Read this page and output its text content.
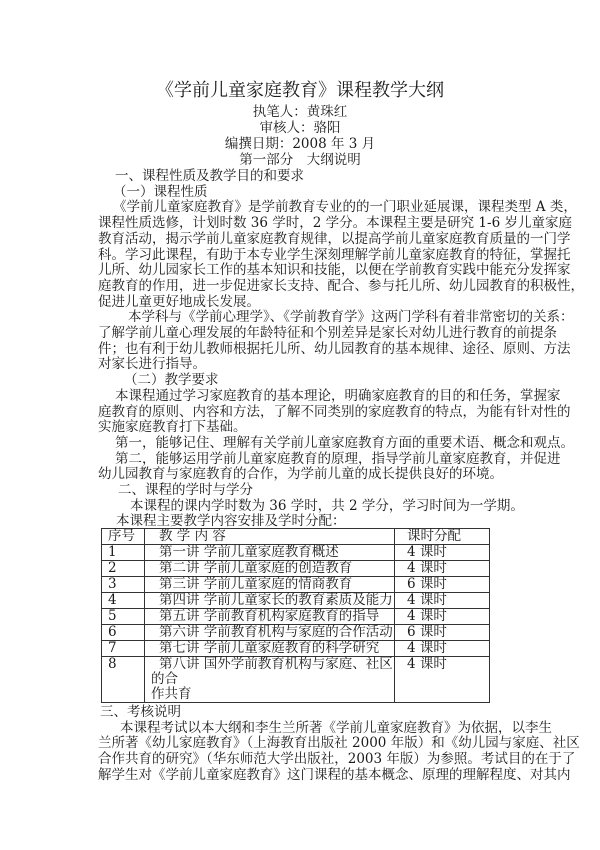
《学前儿童家庭教育》课程教学大纲
执笔人：黄珠红
审核人：骆阳
编撰日期：2008 年 3 月
第一部分　大纲说明
一、课程性质及教学目的和要求
（一）课程性质
《学前儿童家庭教育》是学前教育专业的的一门职业延展课，课程类型 A 类，
课程性质选修，计划时数 36 学时，2 学分。本课程主要是研究 1-6 岁儿童家庭
教育活动，揭示学前儿童家庭教育规律，以提高学前儿童家庭教育质量的一门学
科。学习此课程，有助于本专业学生深刻理解学前儿童家庭教育的特征，掌握托
儿所、幼儿园家长工作的基本知识和技能，以便在学前教育实践中能充分发挥家
庭教育的作用，进一步促进家长支持、配合、参与托儿所、幼儿园教育的积极性，
促进儿童更好地成长发展。
本学科与《学前心理学》、《学前教育学》这两门学科有着非常密切的关系：
了解学前儿童心理发展的年龄特征和个别差异是家长对幼儿进行教育的前提条
件；也有利于幼儿教师根据托儿所、幼儿园教育的基本规律、途径、原则、方法
对家长进行指导。
（二）教学要求
本课程通过学习家庭教育的基本理论，明确家庭教育的目的和任务，掌握家
庭教育的原则、内容和方法，了解不同类别的家庭教育的特点，为能有针对性的
实施家庭教育打下基础。
第一，能够记住、理解有关学前儿童家庭教育方面的重要术语、概念和观点。
第二，能够运用学前儿童家庭教育的原理，指导学前儿童家庭教育，并促进
幼儿园教育与家庭教育的合作，为学前儿童的成长提供良好的环境。
二、课程的学时与学分
本课程的课内学时数为 36 学时，共 2 学分，学习时间为一学期。
本课程主要教学内容安排及学时分配：
序号	教 学 内 容	课时分配
1	第一讲 学前儿童家庭教育概述	4 课时
2	第二讲 学前儿童家庭的创造教育	4 课时
3	第三讲 学前儿童家庭的情商教育	6 课时
4	第四讲 学前儿童家长的教育素质及能力	4 课时
5	第五讲 学前教育机构家庭教育的指导	4 课时
6	第六讲 学前教育机构与家庭的合作活动	6 课时
7	第七讲 学前儿童家庭教育的科学研究	4 课时
8	第八讲 国外学前教育机构与家庭、社区的合
作共育	4 课时
三、考核说明
本课程考试以本大纲和李生兰所著《学前儿童家庭教育》为依据，以李生
兰所著《幼儿家庭教育》（上海教育出版社 2000 年版）和《幼儿园与家庭、社区
合作共育的研究》（华东师范大学出版社，2003 年版）为参照。考试目的在于了
解学生对《学前儿童家庭教育》这门课程的基本概念、原理的理解程度、对其内
